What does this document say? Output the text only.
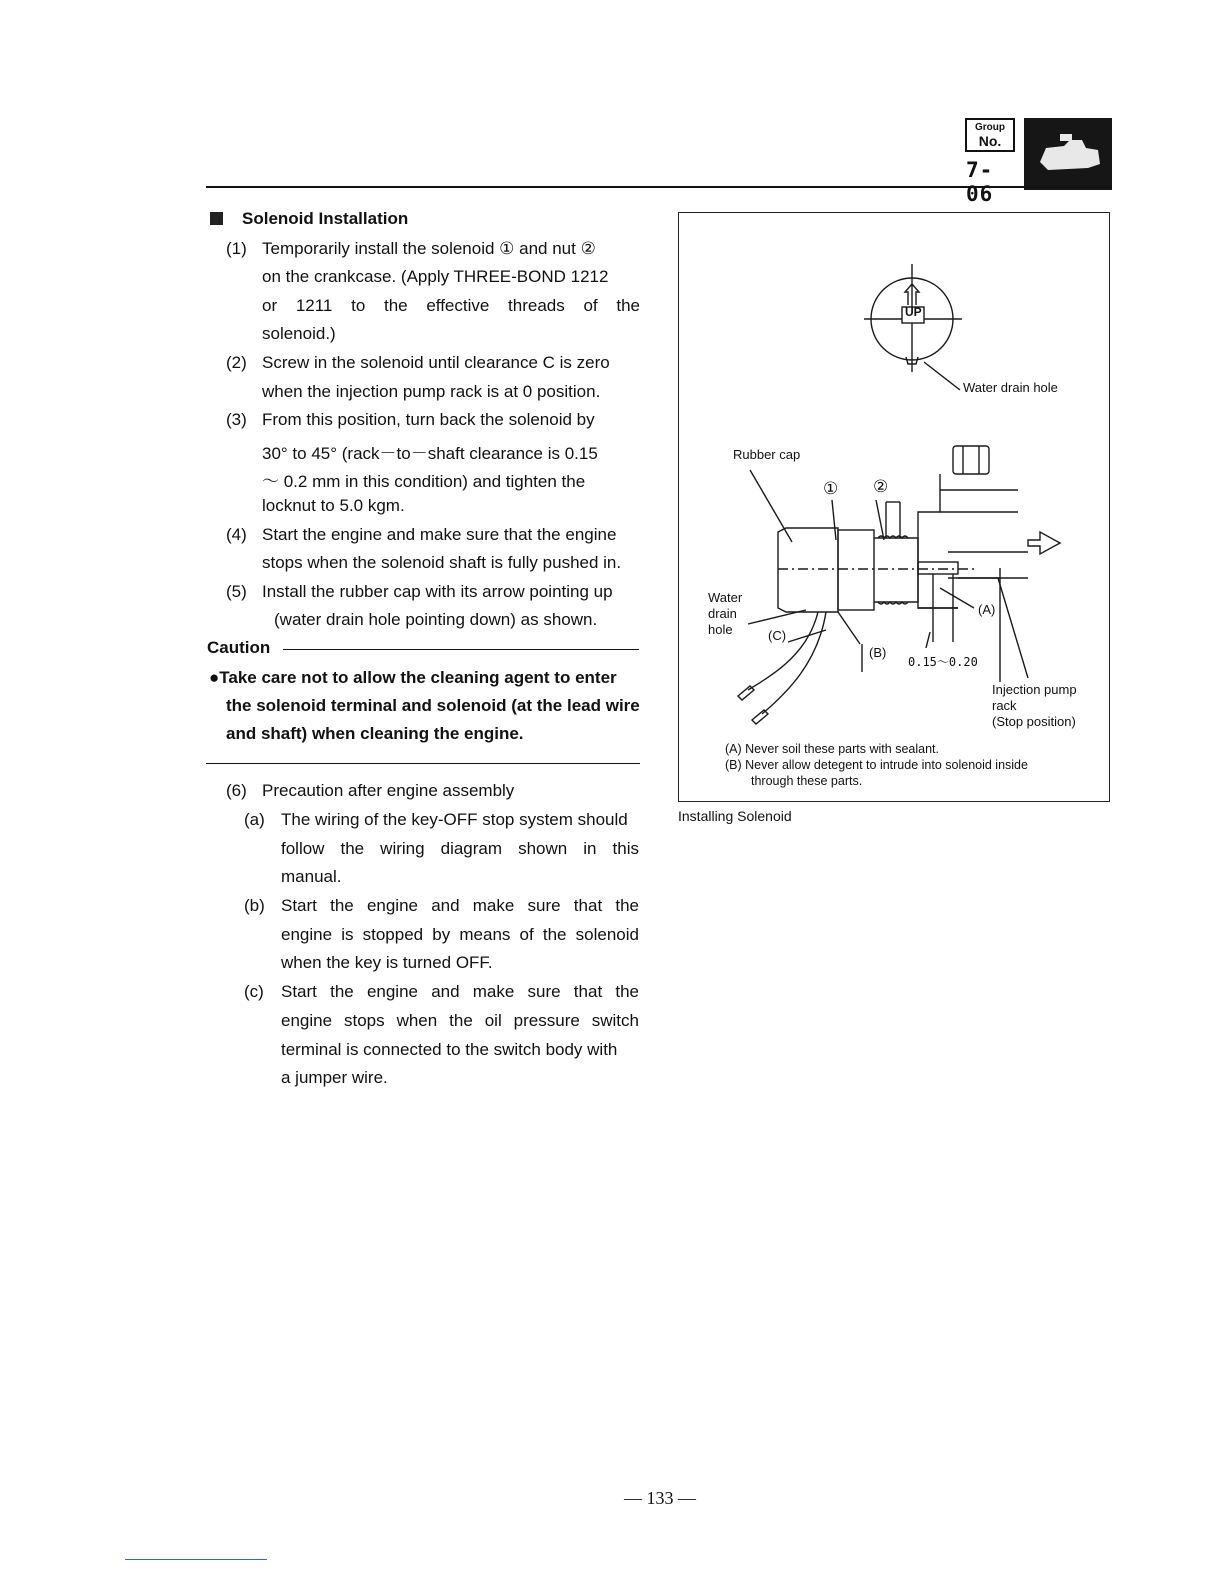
Group
No.
7-06
Solenoid Installation
(1) Temporarily install the solenoid ① and nut ②
on the crankcase. (Apply THREE-BOND 1212
or 1211 to the effective threads of the
solenoid.)
(2) Screw in the solenoid until clearance C is zero
when the injection pump rack is at 0 position.
(3) From this position, turn back the solenoid by
30° to 45° (rack－to－shaft clearance is 0.15
～ 0.2 mm in this condition) and tighten the
locknut to 5.0 kgm.
(4) Start the engine and make sure that the engine
stops when the solenoid shaft is fully pushed in.
(5) Install the rubber cap with its arrow pointing up
(water drain hole pointing down) as shown.
Caution
●Take care not to allow the cleaning agent to enter
the solenoid terminal and solenoid (at the lead wire
and shaft) when cleaning the engine.
(6) Precaution after engine assembly
(a) The wiring of the key-OFF stop system should
follow the wiring diagram shown in this
manual.
(b) Start the engine and make sure that the
engine is stopped by means of the solenoid
when the key is turned OFF.
(c) Start the engine and make sure that the
engine stops when the oil pressure switch
terminal is connected to the switch body with
a jumper wire.
UP
Water drain hole
Rubber cap
① ②
Water
drain
hole
(A)
(C)
(B)
0.15～0.20
Injection pump
rack
(Stop position)
(A) Never soil these parts with sealant.
(B) Never allow detegent to intrude into solenoid inside
through these parts.
Installing Solenoid
— 133 —
